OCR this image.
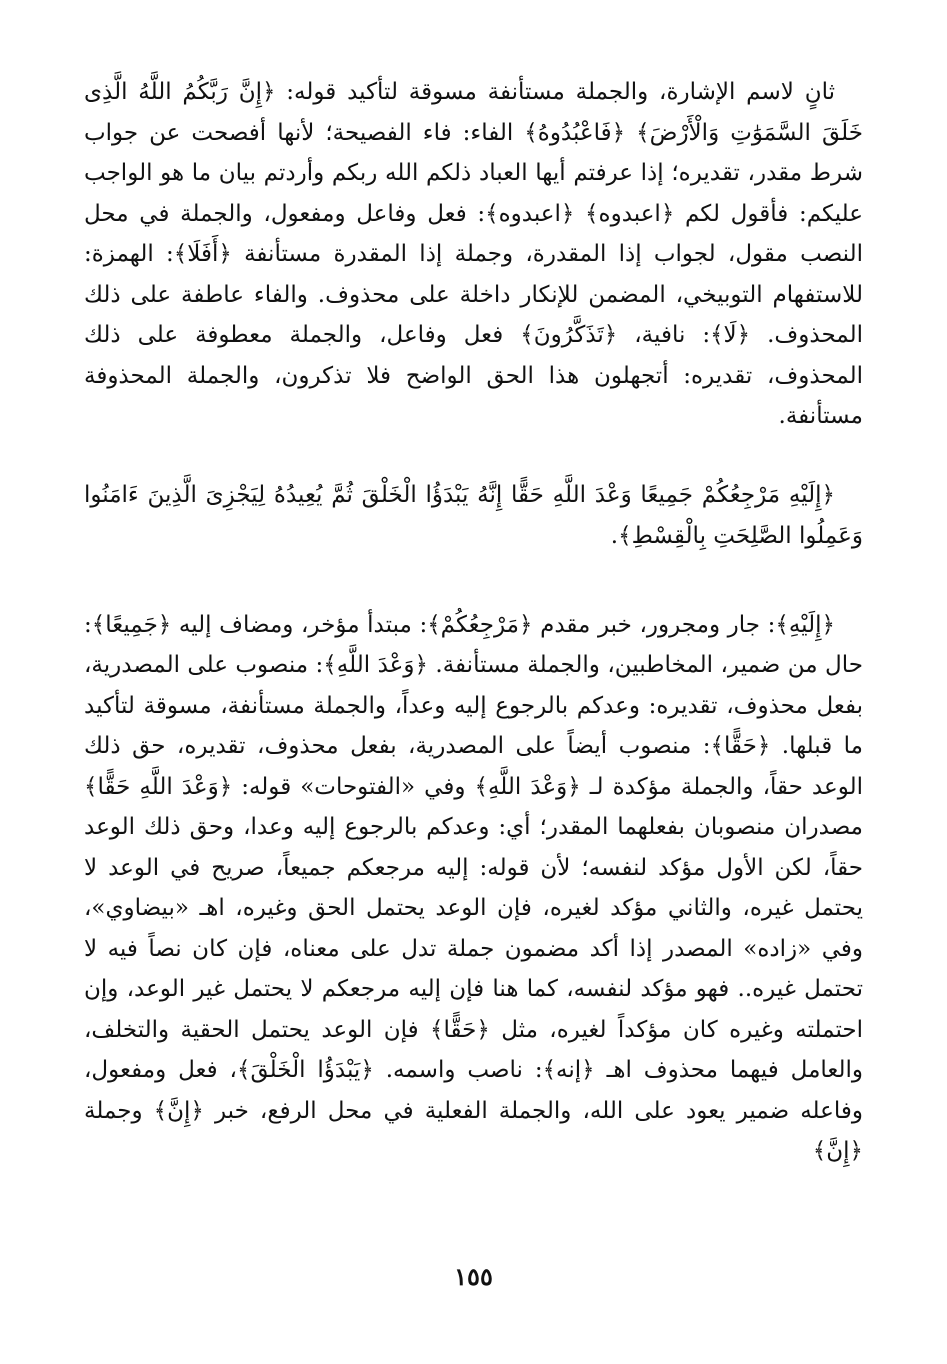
ثانٍ لاسم الإشارة، والجملة مستأنفة مسوقة لتأكيد قوله: ﴿إِنَّ رَبَّكُمُ اللَّهُ الَّذِى خَلَقَ السَّمَوَٰتِ وَالْأَرْضَ﴾ ﴿فَاعْبُدُوهُ﴾ الفاء: فاء الفصيحة؛ لأنها أفصحت عن جواب شرط مقدر، تقديره؛ إذا عرفتم أيها العباد ذلكم الله ربكم وأردتم بيان ما هو الواجب عليكم: فأقول لكم ﴿اعبدوه﴾ ﴿اعبدوه﴾: فعل وفاعل ومفعول، والجملة في محل النصب مقول، لجواب إذا المقدرة، وجملة إذا المقدرة مستأنفة ﴿أَفَلَا﴾: الهمزة: للاستفهام التوبيخي، المضمن للإنكار داخلة على محذوف. والفاء عاطفة على ذلك المحذوف. ﴿لَا﴾: نافية، ﴿تَذَكَّرُونَ﴾ فعل وفاعل، والجملة معطوفة على ذلك المحذوف، تقديره: أتجهلون هذا الحق الواضح فلا تذكرون، والجملة المحذوفة مستأنفة.

﴿إِلَيْهِ مَرْجِعُكُمْ جَمِيعًا وَعْدَ اللَّهِ حَقًّا إِنَّهُ يَبْدَؤُا الْخَلْقَ ثُمَّ يُعِيدُهُ لِيَجْزِىَ الَّذِينَ ءَامَنُوا وَعَمِلُوا الصَّلِحَتِ بِالْقِسْطِ﴾.

﴿إِلَيْهِ﴾: جار ومجرور، خبر مقدم ﴿مَرْجِعُكُمْ﴾: مبتدأ مؤخر، ومضاف إليه ﴿جَمِيعًا﴾: حال من ضمير، المخاطبين، والجملة مستأنفة. ﴿وَعْدَ اللَّهِ﴾: منصوب على المصدرية، بفعل محذوف، تقديره: وعدكم بالرجوع إليه وعداً، والجملة مستأنفة، مسوقة لتأكيد ما قبلها. ﴿حَقًّا﴾: منصوب أيضاً على المصدرية، بفعل محذوف، تقديره، حق ذلك الوعد حقاً، والجملة مؤكدة لـ ﴿وَعْدَ اللَّهِ﴾ وفي «الفتوحات» قوله: ﴿وَعْدَ اللَّهِ حَقًّا﴾ مصدران منصوبان بفعلهما المقدر؛ أي: وعدكم بالرجوع إليه وعدا، وحق ذلك الوعد حقاً، لكن الأول مؤكد لنفسه؛ لأن قوله: إليه مرجعكم جميعاً، صريح في الوعد لا يحتمل غيره، والثاني مؤكد لغيره، فإن الوعد يحتمل الحق وغيره، اهـ «بيضاوي»، وفي «زاده» المصدر إذا أكد مضمون جملة تدل على معناه، فإن كان نصاً فيه لا تحتمل غيره.. فهو مؤكد لنفسه، كما هنا فإن إليه مرجعكم لا يحتمل غير الوعد، وإن احتملته وغيره كان مؤكداً لغيره، مثل ﴿حَقًّا﴾ فإن الوعد يحتمل الحقية والتخلف، والعامل فيهما محذوف اهـ ﴿إنه﴾: ناصب واسمه. ﴿يَبْدَؤُا الْخَلْقَ﴾، فعل ومفعول، وفاعله ضمير يعود على الله، والجملة الفعلية في محل الرفع، خبر ﴿إِنَّ﴾ وجملة ﴿إِنَّ﴾

١٥٥
